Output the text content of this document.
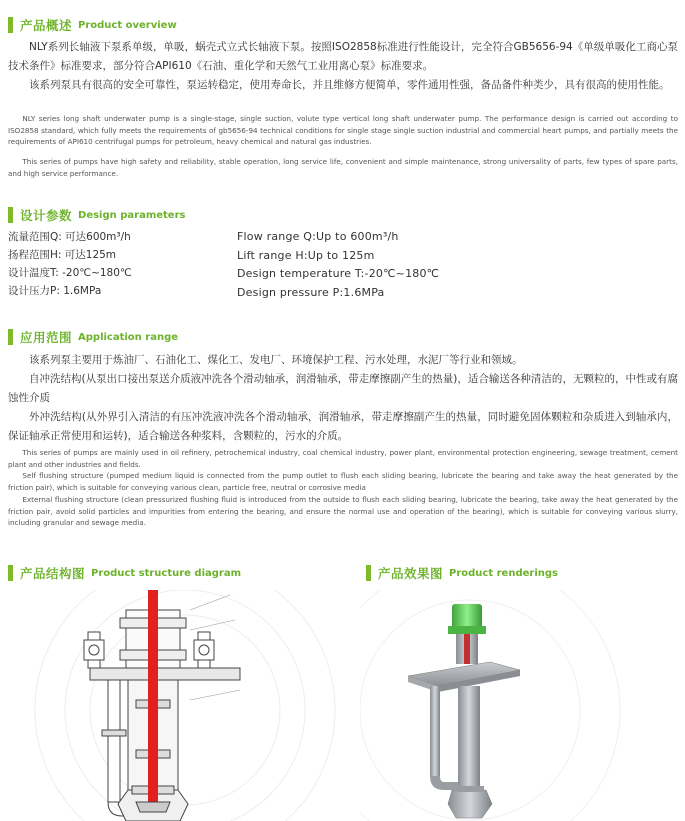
产品概述 Product overview

NLY系列长轴液下泵系单级，单吸，蜗壳式立式长轴液下泵。按照ISO2858标准进行性能设计，完全符合GB5656-94《单级单吸化工商心泵技术条件》标准要求，部分符合API610《石油、重化学和天然气工业用离心泵》标准要求。

该系列泵具有很高的安全可靠性，泵运转稳定，使用寿命长，并且维修方便简单，零件通用性强，备品备件种类少，具有很高的使用性能。

NLY series long shaft underwater pump is a single-stage, single suction, volute type vertical long shaft underwater pump. The performance design is carried out according to ISO2858 standard, which fully meets the requirements of gb5656-94 technical conditions for single stage single suction industrial and commercial heart pumps, and partially meets the requirements of API610 centrifugal pumps for petroleum, heavy chemical and natural gas industries.

This series of pumps have high safety and reliability, stable operation, long service life, convenient and simple maintenance, strong universality of parts, few types of spare parts, and high service performance.

设计参数 Design parameters
流量范围Q: 可达600m³/h
扬程范围H: 可达125m
设计温度T: -20℃~180℃
设计压力P: 1.6MPa
Flow range Q:Up to 600m³/h
Lift range H:Up to 125m
Design temperature T:-20℃~180℃
Design pressure P:1.6MPa
应用范围 Application range

该系列泵主要用于炼油厂、石油化工、煤化工、发电厂、环境保护工程、污水处理，水泥厂等行业和领域。

自冲洗结构(从泵出口接出泵送介质液冲洗各个滑动轴承，润滑轴承，带走摩擦副产生的热量)，适合输送各种清洁的，无颗粒的，中性或有腐蚀性介质

外冲洗结构(从外界引入清洁的有压冲洗液冲洗各个滑动轴承，润滑轴承，带走摩擦副产生的热量，同时避免固体颗粒和杂质进入到轴承内，保证轴承正常使用和运转)，适合输送各种浆料，含颗粒的，污水的介质。

This series of pumps are mainly used in oil refinery, petrochemical industry, coal chemical industry, power plant, environmental protection engineering, sewage treatment, cement plant and other industries and fields.

Self flushing structure (pumped medium liquid is connected from the pump outlet to flush each sliding bearing, lubricate the bearing and take away the heat generated by the friction pair), which is suitable for conveying various clean, particle free, neutral or corrosive media

External flushing structure (clean pressurized flushing fluid is introduced from the outside to flush each sliding bearing, lubricate the bearing, take away the heat generated by the friction pair, avoid solid particles and impurities from entering the bearing, and ensure the normal use and operation of the bearing), which is suitable for conveying various slurry, including granular and sewage media.

产品结构图 Product structure diagram	产品效果图 Product renderings
